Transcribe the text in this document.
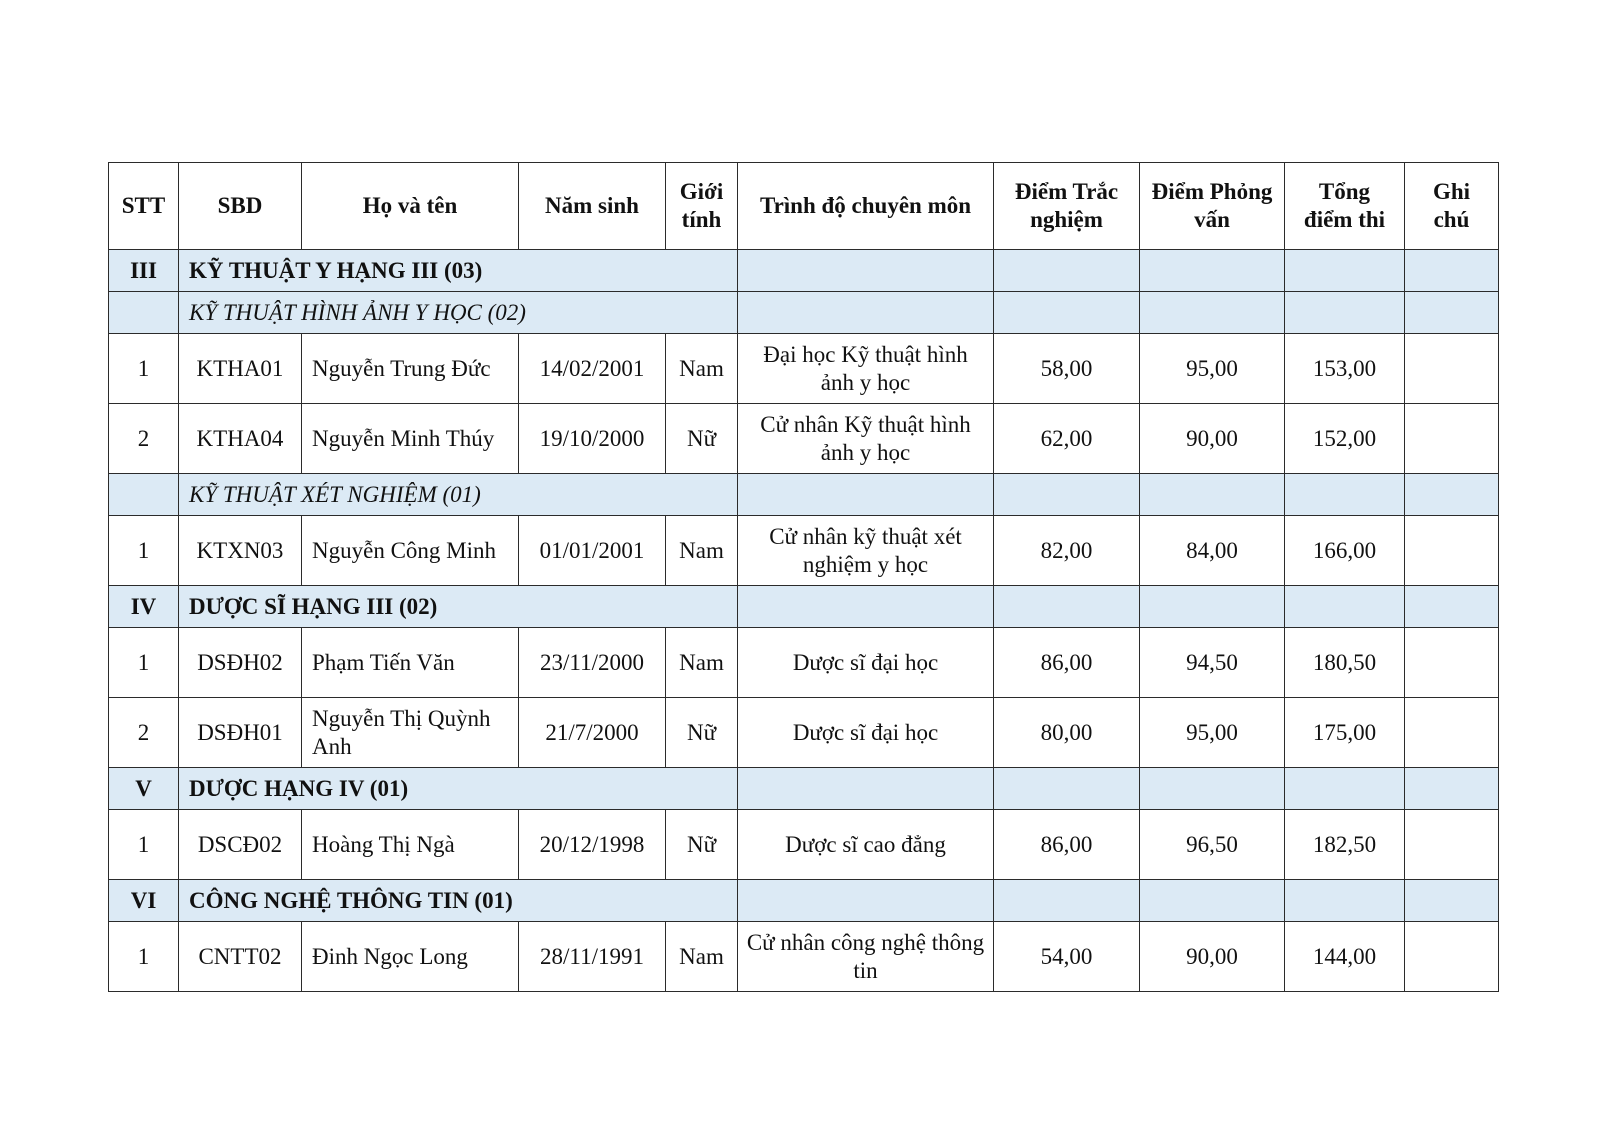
STT	SBD	Họ và tên	Năm sinh	Giới tính	Trình độ chuyên môn	Điểm Trắc nghiệm	Điểm Phỏng vấn	Tổng điểm thi	Ghi chú
III	KỸ THUẬT Y HẠNG III (03)								
	KỸ THUẬT HÌNH ẢNH Y HỌC (02)								
1	KTHA01	Nguyễn Trung Đức	14/02/2001	Nam	Đại học Kỹ thuật hình ảnh y học	58,00	95,00	153,00	
2	KTHA04	Nguyễn Minh Thúy	19/10/2000	Nữ	Cử nhân Kỹ thuật hình ảnh y học	62,00	90,00	152,00	
	KỸ THUẬT XÉT NGHIỆM (01)								
1	KTXN03	Nguyễn Công Minh	01/01/2001	Nam	Cử nhân kỹ thuật xét nghiệm y học	82,00	84,00	166,00	
IV	DƯỢC SĨ HẠNG III (02)								
1	DSĐH02	Phạm Tiến Văn	23/11/2000	Nam	Dược sĩ đại học	86,00	94,50	180,50	
2	DSĐH01	Nguyễn Thị Quỳnh Anh	21/7/2000	Nữ	Dược sĩ đại học	80,00	95,00	175,00	
V	DƯỢC HẠNG IV (01)								
1	DSCĐ02	Hoàng Thị Ngà	20/12/1998	Nữ	Dược sĩ cao đẳng	86,00	96,50	182,50	
VI	CÔNG NGHỆ THÔNG TIN (01)								
1	CNTT02	Đinh Ngọc Long	28/11/1991	Nam	Cử nhân công nghệ thông tin	54,00	90,00	144,00	
